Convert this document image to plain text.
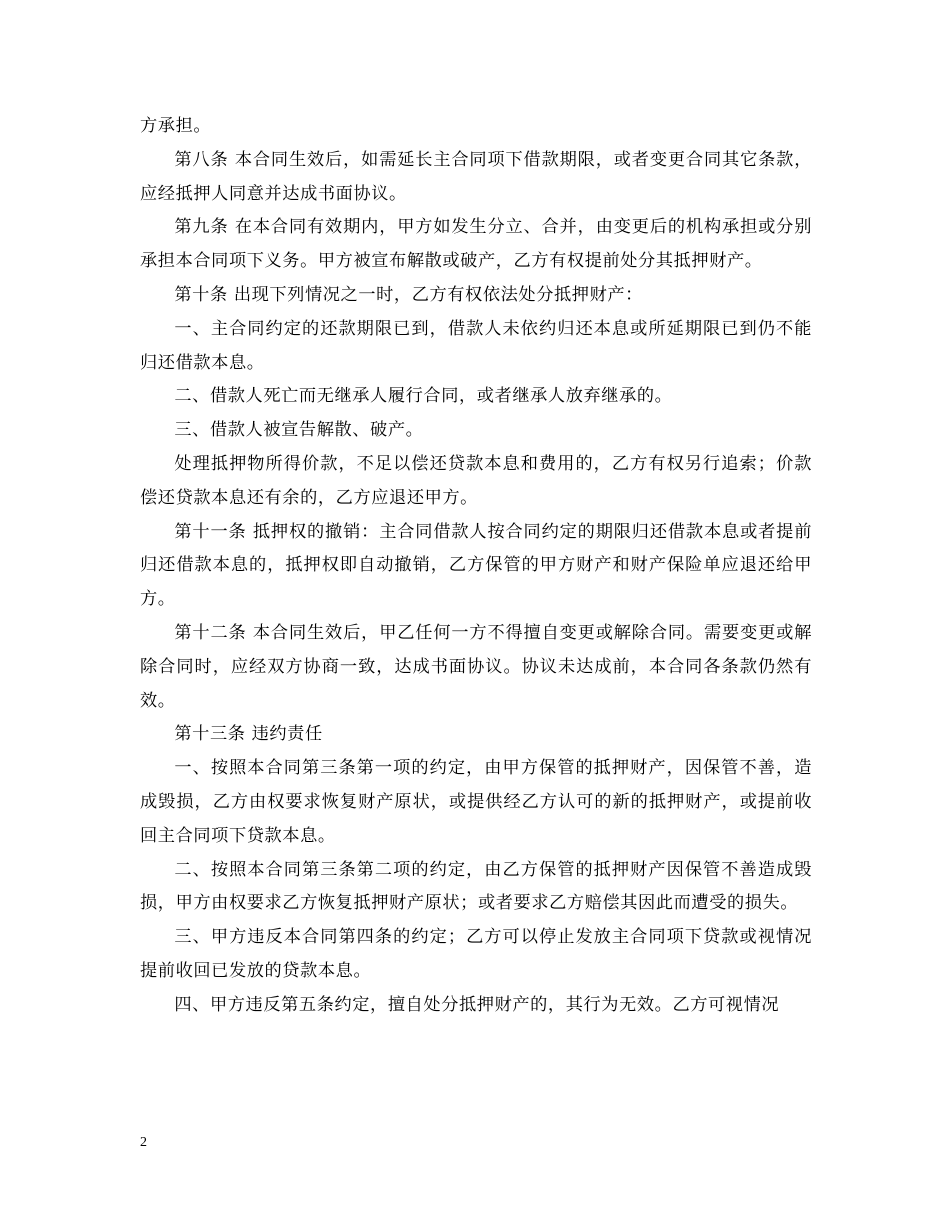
方承担。

第八条 本合同生效后，如需延长主合同项下借款期限，或者变更合同其它条款，应经抵押人同意并达成书面协议。

第九条 在本合同有效期内，甲方如发生分立、合并，由变更后的机构承担或分别承担本合同项下义务。甲方被宣布解散或破产，乙方有权提前处分其抵押财产。

第十条 出现下列情况之一时，乙方有权依法处分抵押财产：

一、主合同约定的还款期限已到，借款人未依约归还本息或所延期限已到仍不能归还借款本息。

二、借款人死亡而无继承人履行合同，或者继承人放弃继承的。

三、借款人被宣告解散、破产。

处理抵押物所得价款，不足以偿还贷款本息和费用的，乙方有权另行追索；价款偿还贷款本息还有余的，乙方应退还甲方。

第十一条 抵押权的撤销：主合同借款人按合同约定的期限归还借款本息或者提前归还借款本息的，抵押权即自动撤销，乙方保管的甲方财产和财产保险单应退还给甲方。

第十二条 本合同生效后，甲乙任何一方不得擅自变更或解除合同。需要变更或解除合同时，应经双方协商一致，达成书面协议。协议未达成前，本合同各条款仍然有效。

第十三条 违约责任

一、按照本合同第三条第一项的约定，由甲方保管的抵押财产，因保管不善，造成毁损，乙方由权要求恢复财产原状，或提供经乙方认可的新的抵押财产，或提前收回主合同项下贷款本息。

二、按照本合同第三条第二项的约定，由乙方保管的抵押财产因保管不善造成毁损，甲方由权要求乙方恢复抵押财产原状；或者要求乙方赔偿其因此而遭受的损失。

三、甲方违反本合同第四条的约定；乙方可以停止发放主合同项下贷款或视情况提前收回已发放的贷款本息。

四、甲方违反第五条约定，擅自处分抵押财产的，其行为无效。乙方可视情况

2
